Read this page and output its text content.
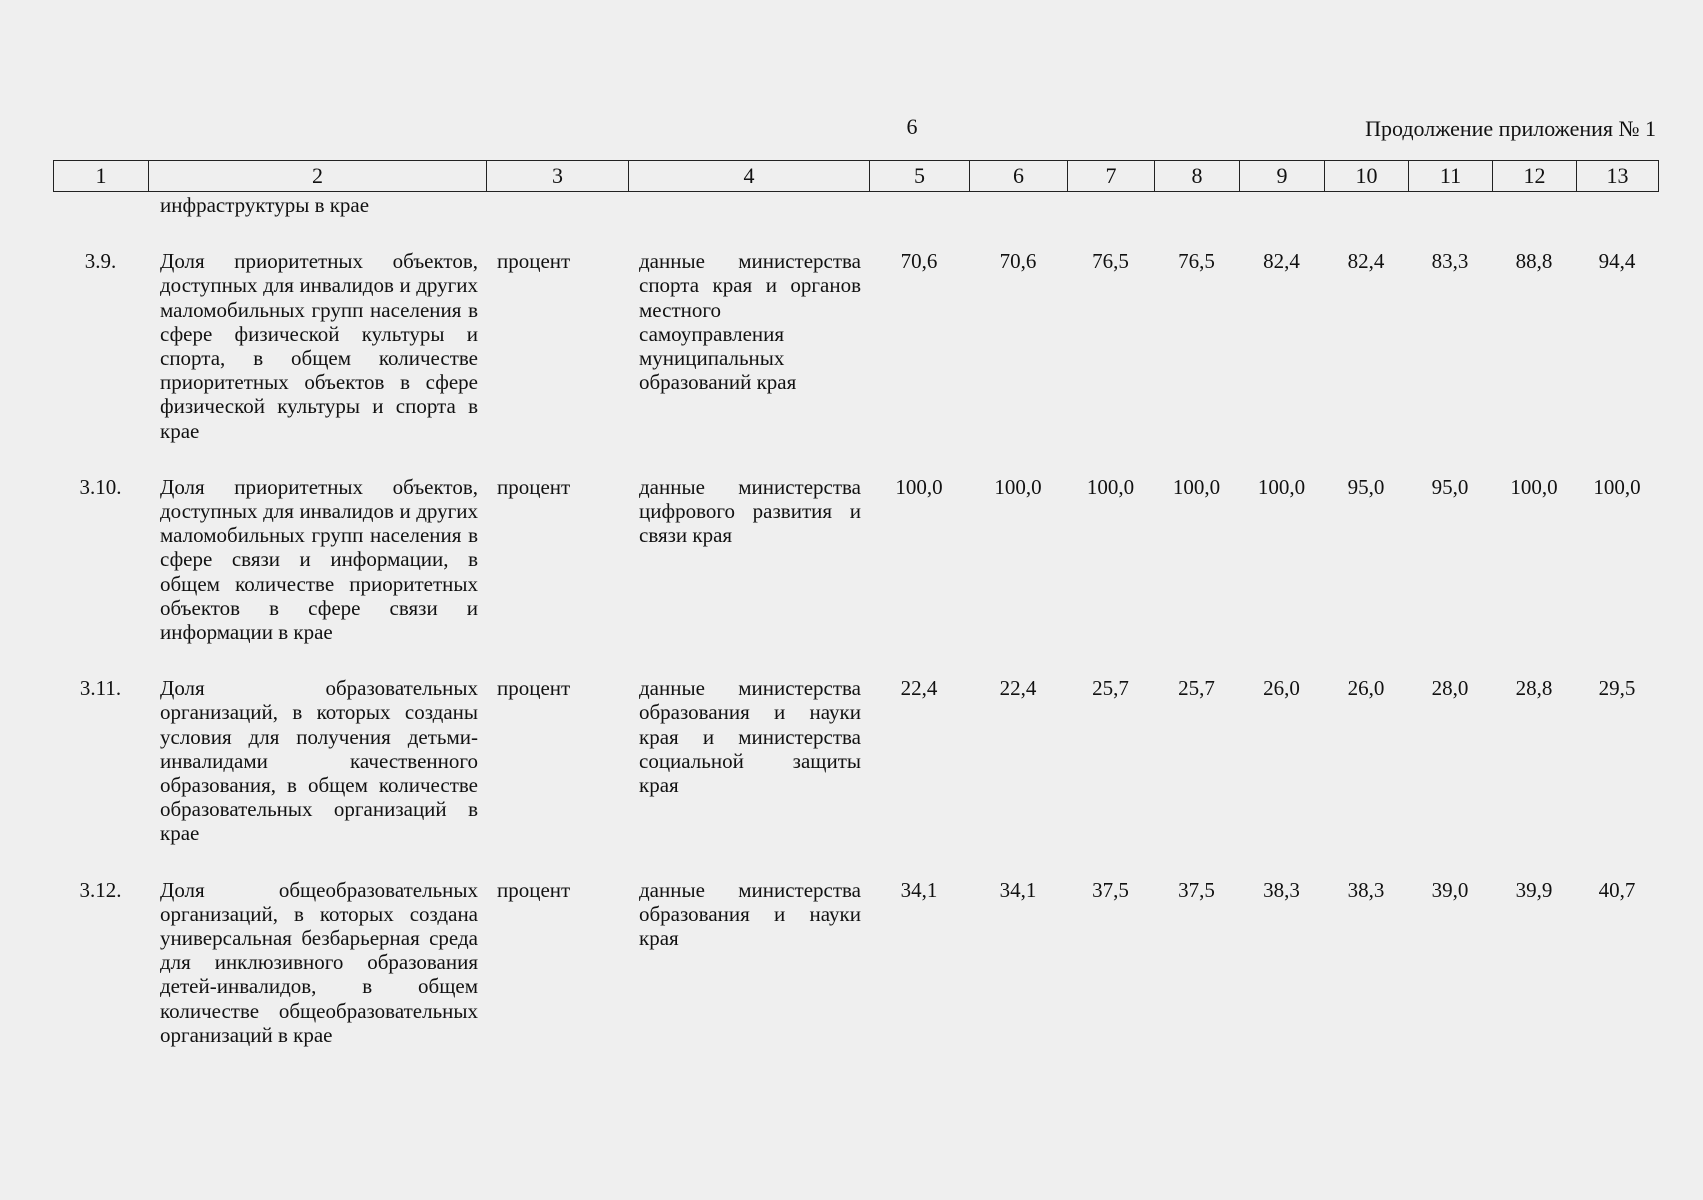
6	Продолжение приложения № 1
1	2	3	4	5	6	7	8	9	10	11	12	13
	инфраструктуры в крае											
3.9.	Доля приоритетных объектов, доступных для инвалидов и других маломобильных групп населения в сфере физической культуры и спорта, в общем количестве приоритетных объектов в сфере физической культуры и спорта в крае	процент	данные министерства спорта края и органов местного самоуправления муниципальных образований края	70,6	70,6	76,5	76,5	82,4	82,4	83,3	88,8	94,4
3.10.	Доля приоритетных объектов, доступных для инвалидов и других маломобильных групп населения в сфере связи и информации, в общем количестве приоритетных объектов в сфере связи и информации в крае	процент	данные министерства цифрового развития и связи края	100,0	100,0	100,0	100,0	100,0	95,0	95,0	100,0	100,0
3.11.	Доля образовательных организаций, в которых созданы условия для получения детьми-инвалидами качественного образования, в общем количестве образовательных организаций в крае	процент	данные министерства образования и науки края и министерства социальной защиты края	22,4	22,4	25,7	25,7	26,0	26,0	28,0	28,8	29,5
3.12.	Доля общеобразовательных организаций, в которых создана универсальная безбарьерная среда для инклюзивного образования детей-инвалидов, в общем количестве общеобразовательных организаций в крае	процент	данные министерства образования и науки края	34,1	34,1	37,5	37,5	38,3	38,3	39,0	39,9	40,7
